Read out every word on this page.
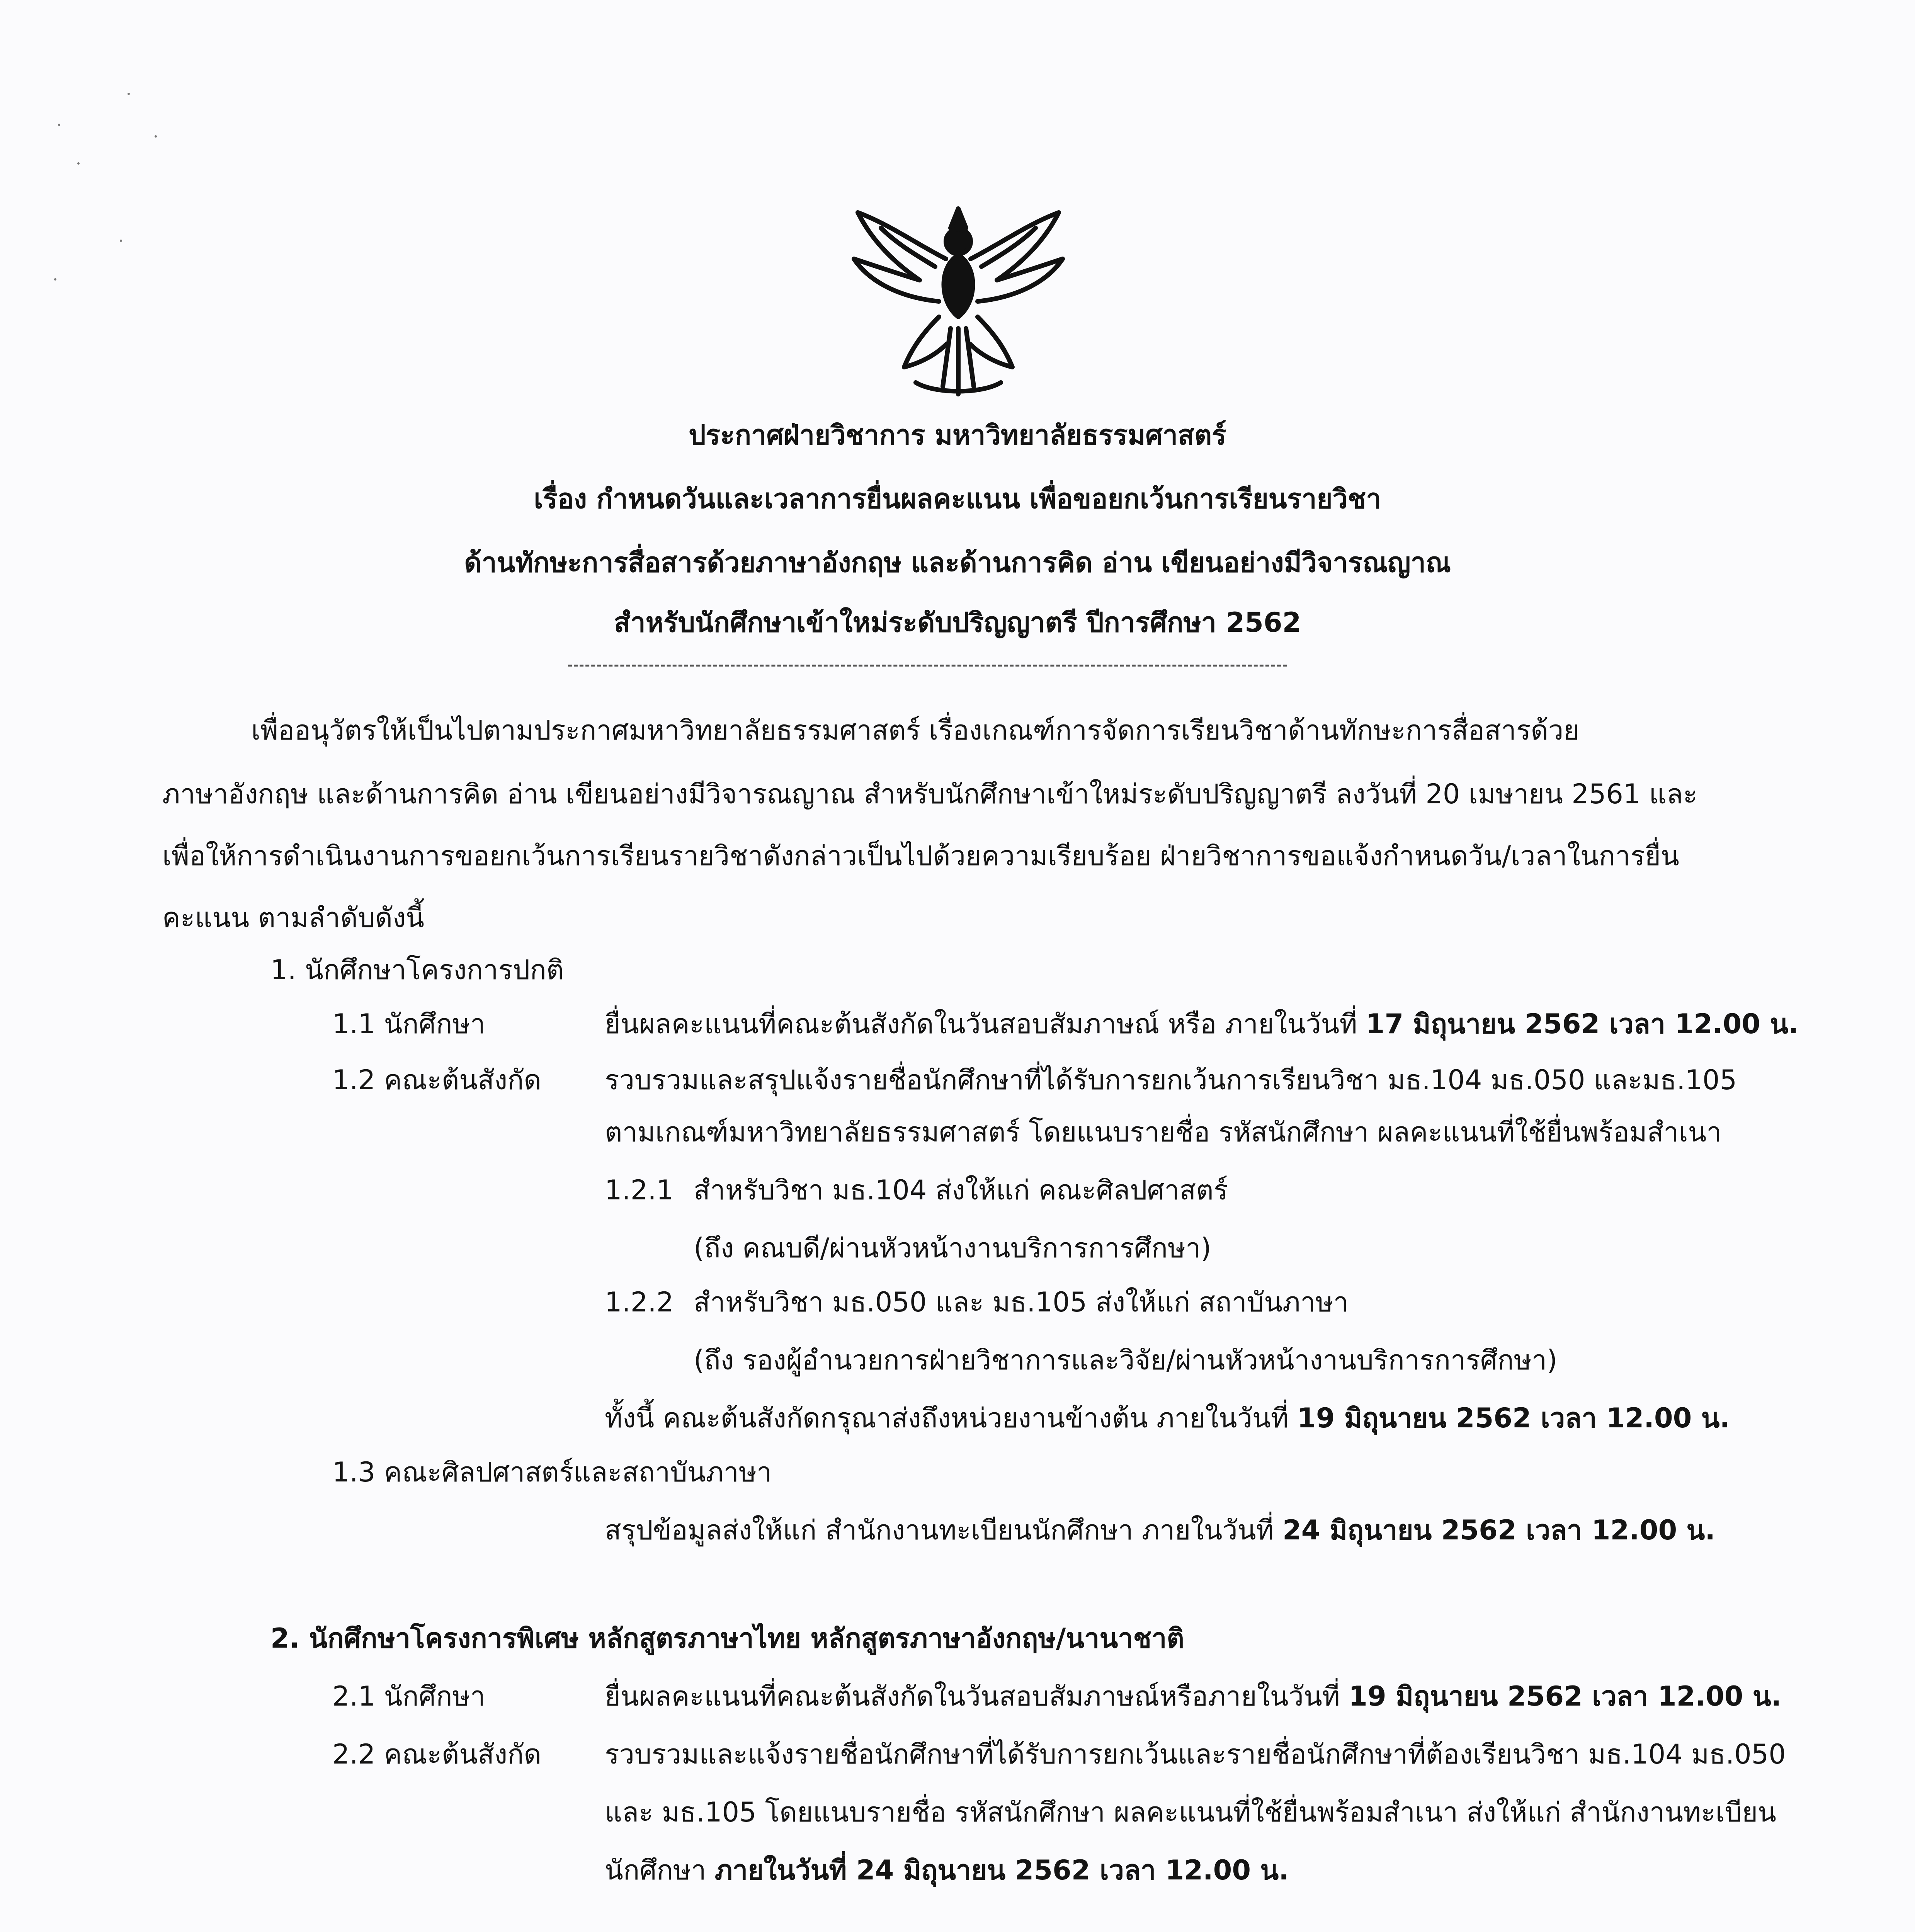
ประกาศฝ่ายวิชาการ มหาวิทยาลัยธรรมศาสตร์
เรื่อง กำหนดวันและเวลาการยื่นผลคะแนน เพื่อขอยกเว้นการเรียนรายวิชา
ด้านทักษะการสื่อสารด้วยภาษาอังกฤษ และด้านการคิด อ่าน เขียนอย่างมีวิจารณญาณ
สำหรับนักศึกษาเข้าใหม่ระดับปริญญาตรี ปีการศึกษา 2562
เพื่ออนุวัตรให้เป็นไปตามประกาศมหาวิทยาลัยธรรมศาสตร์ เรื่องเกณฑ์การจัดการเรียนวิชาด้านทักษะการสื่อสารด้วย
ภาษาอังกฤษ และด้านการคิด อ่าน เขียนอย่างมีวิจารณญาณ สำหรับนักศึกษาเข้าใหม่ระดับปริญญาตรี ลงวันที่ 20 เมษายน 2561 และ
เพื่อให้การดำเนินงานการขอยกเว้นการเรียนรายวิชาดังกล่าวเป็นไปด้วยความเรียบร้อย ฝ่ายวิชาการขอแจ้งกำหนดวัน/เวลาในการยื่น
คะแนน ตามลำดับดังนี้
1. นักศึกษาโครงการปกติ
1.1 นักศึกษา	ยื่นผลคะแนนที่คณะต้นสังกัดในวันสอบสัมภาษณ์ หรือ ภายในวันที่ 17 มิถุนายน 2562 เวลา 12.00 น.
1.2 คณะต้นสังกัด รวบรวมและสรุปแจ้งรายชื่อนักศึกษาที่ได้รับการยกเว้นการเรียนวิชา มธ.104 มธ.050 และมธ.105
ตามเกณฑ์มหาวิทยาลัยธรรมศาสตร์ โดยแนบรายชื่อ รหัสนักศึกษา ผลคะแนนที่ใช้ยื่นพร้อมสำเนา
1.2.1 สำหรับวิชา มธ.104 ส่งให้แก่ คณะศิลปศาสตร์
(ถึง คณบดี/ผ่านหัวหน้างานบริการการศึกษา)
1.2.2 สำหรับวิชา มธ.050 และ มธ.105 ส่งให้แก่ สถาบันภาษา
(ถึง รองผู้อำนวยการฝ่ายวิชาการและวิจัย/ผ่านหัวหน้างานบริการการศึกษา)
ทั้งนี้ คณะต้นสังกัดกรุณาส่งถึงหน่วยงานข้างต้น ภายในวันที่ 19 มิถุนายน 2562 เวลา 12.00 น.
1.3 คณะศิลปศาสตร์และสถาบันภาษา
สรุปข้อมูลส่งให้แก่ สำนักงานทะเบียนนักศึกษา ภายในวันที่ 24 มิถุนายน 2562 เวลา 12.00 น.
2. นักศึกษาโครงการพิเศษ หลักสูตรภาษาไทย หลักสูตรภาษาอังกฤษ/นานาชาติ
2.1 นักศึกษา	ยื่นผลคะแนนที่คณะต้นสังกัดในวันสอบสัมภาษณ์หรือภายในวันที่ 19 มิถุนายน 2562 เวลา 12.00 น.
2.2 คณะต้นสังกัด รวบรวมและแจ้งรายชื่อนักศึกษาที่ได้รับการยกเว้นและรายชื่อนักศึกษาที่ต้องเรียนวิชา มธ.104 มธ.050
และ มธ.105 โดยแนบรายชื่อ รหัสนักศึกษา ผลคะแนนที่ใช้ยื่นพร้อมสำเนา ส่งให้แก่ สำนักงานทะเบียน
นักศึกษา ภายในวันที่ 24 มิถุนายน 2562 เวลา 12.00 น.
